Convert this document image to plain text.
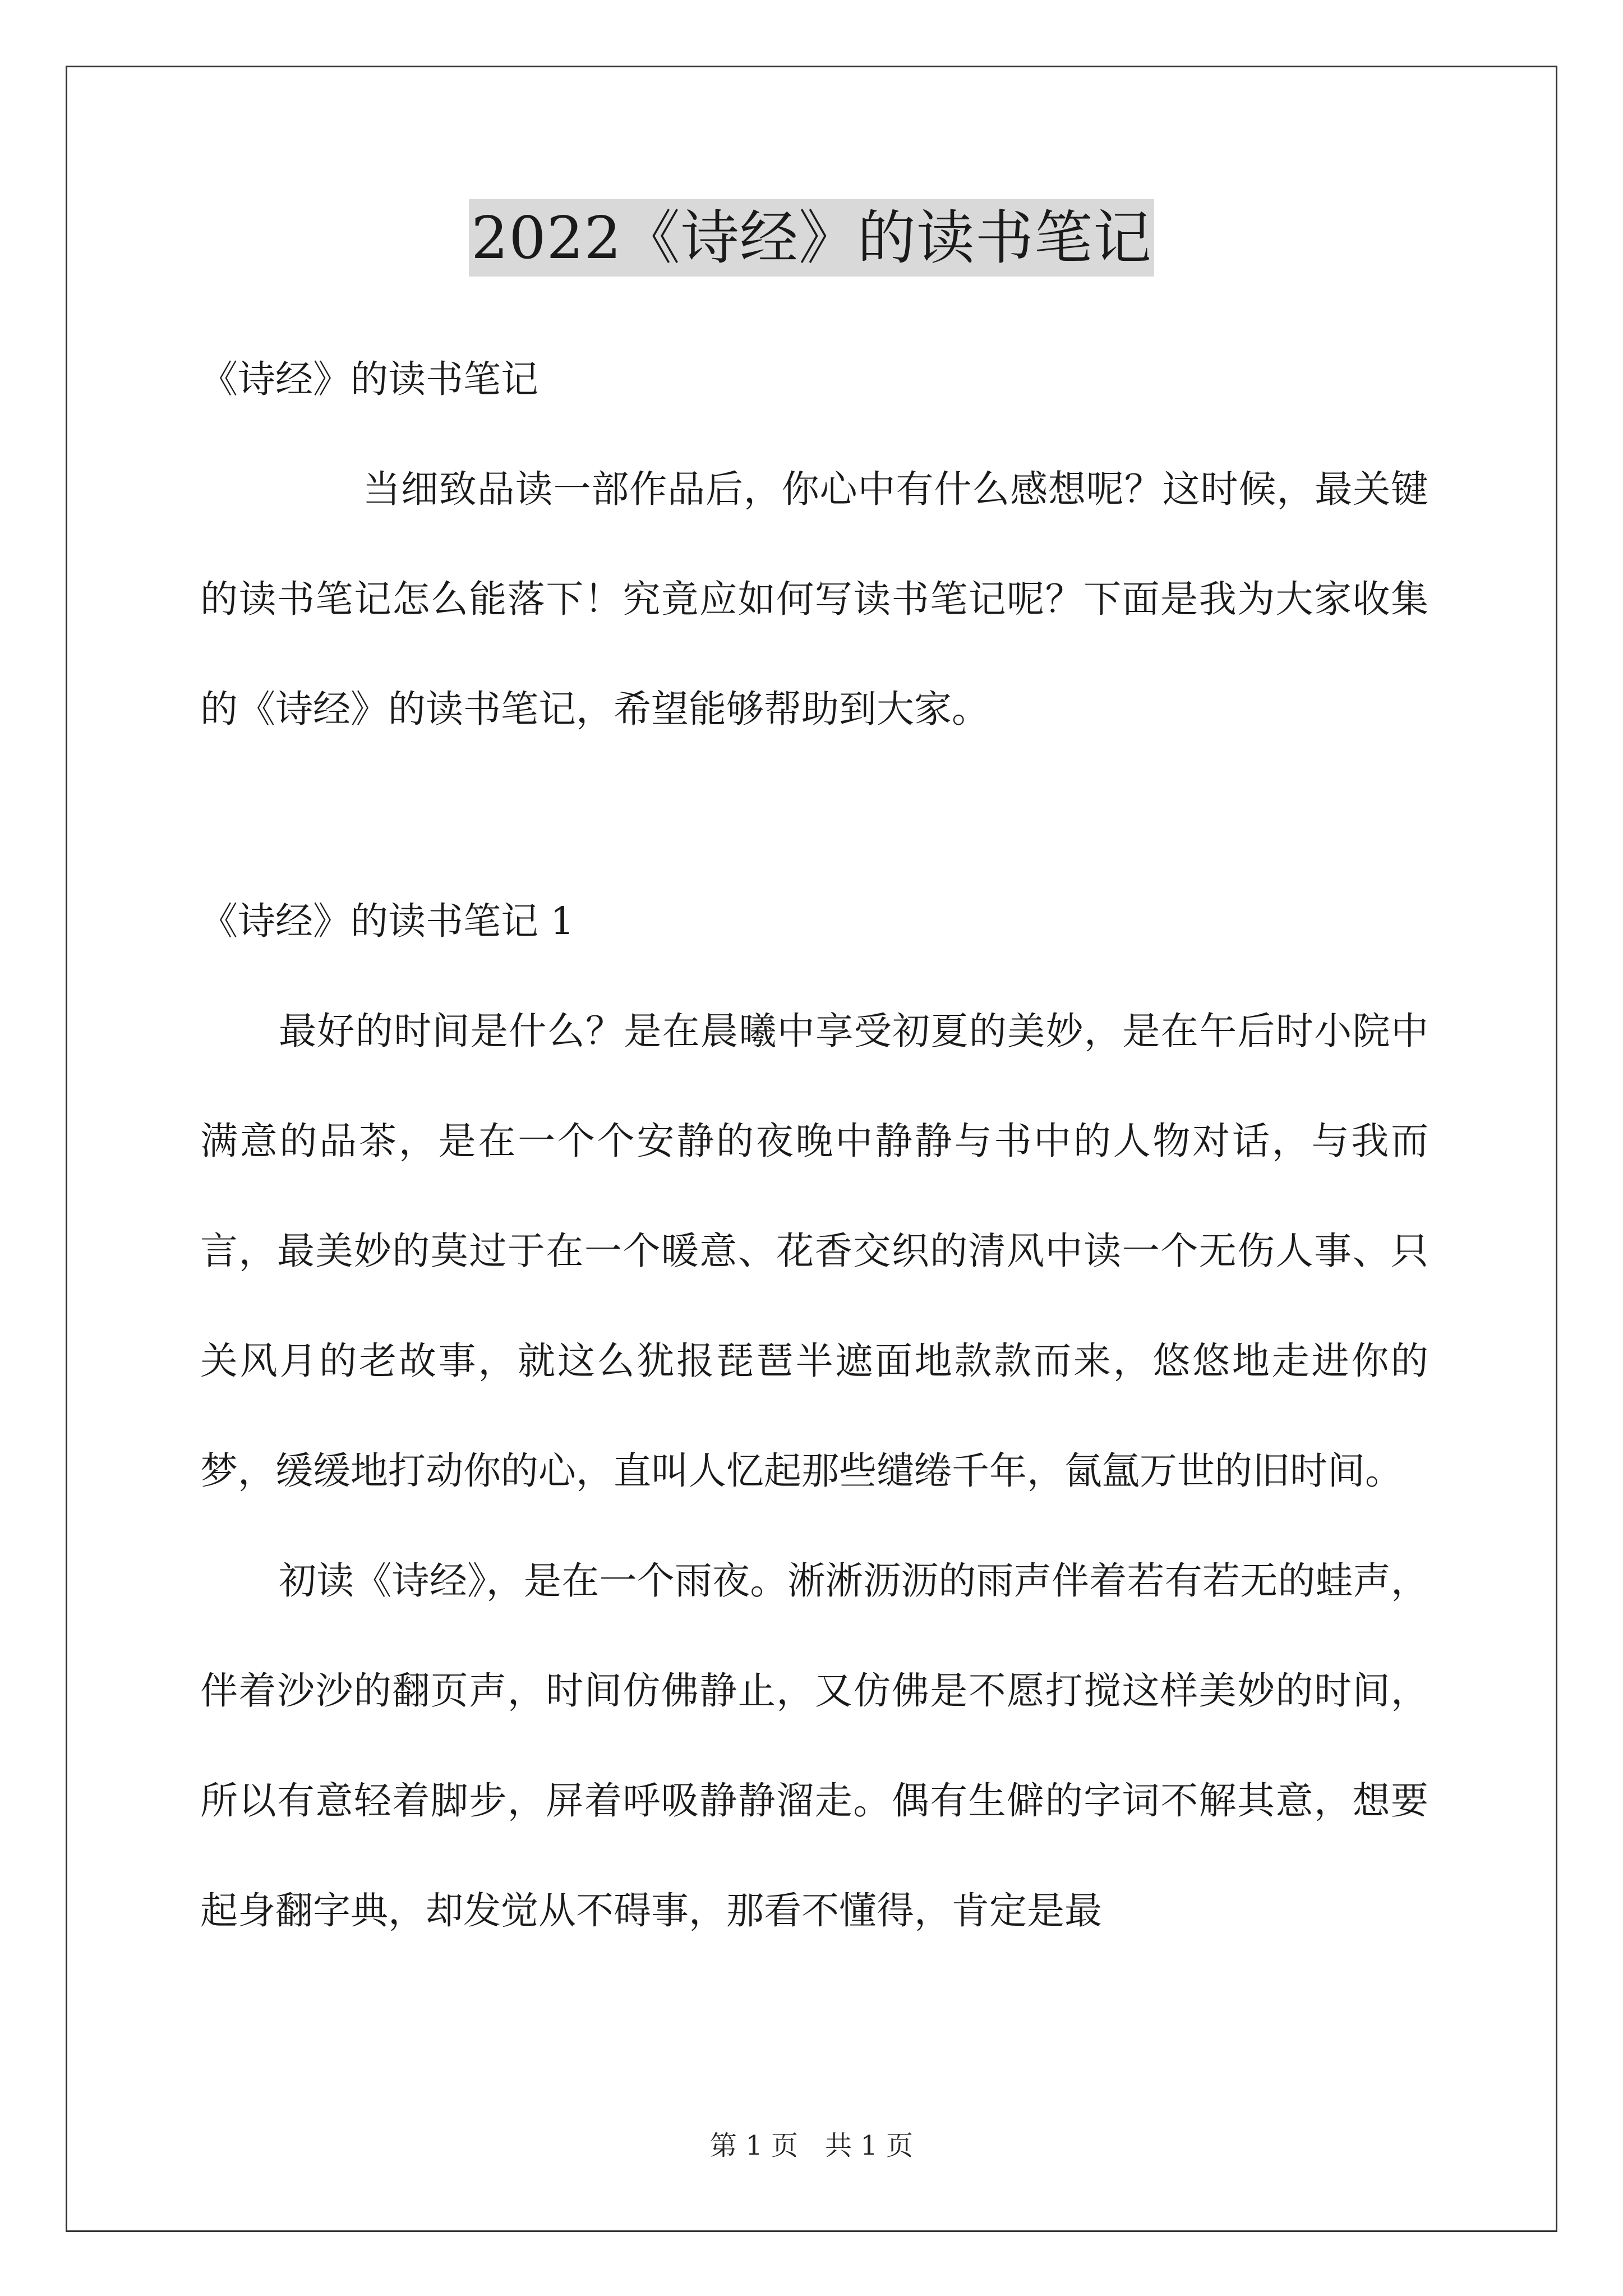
2022《诗经》的读书笔记

《诗经》的读书笔记

当细致品读一部作品后，你心中有什么感想呢？这时候，最关键的读书笔记怎么能落下！究竟应如何写读书笔记呢？下面是我为大家收集的《诗经》的读书笔记，希望能够帮助到大家。

《诗经》的读书笔记 1

最好的时间是什么？是在晨曦中享受初夏的美妙，是在午后时小院中满意的品茶，是在一个个安静的夜晚中静静与书中的人物对话，与我而言，最美妙的莫过于在一个暖意、花香交织的清风中读一个无伤人事、只关风月的老故事，就这么犹报琵琶半遮面地款款而来，悠悠地走进你的梦，缓缓地打动你的心，直叫人忆起那些缱绻千年，氤氲万世的旧时间。

初读《诗经》，是在一个雨夜。淅淅沥沥的雨声伴着若有若无的蛙声，伴着沙沙的翻页声，时间仿佛静止，又仿佛是不愿打搅这样美妙的时间，所以有意轻着脚步，屏着呼吸静静溜走。偶有生僻的字词不解其意，想要起身翻字典，却发觉从不碍事，那看不懂得，肯定是最

第 1 页　共 1 页
